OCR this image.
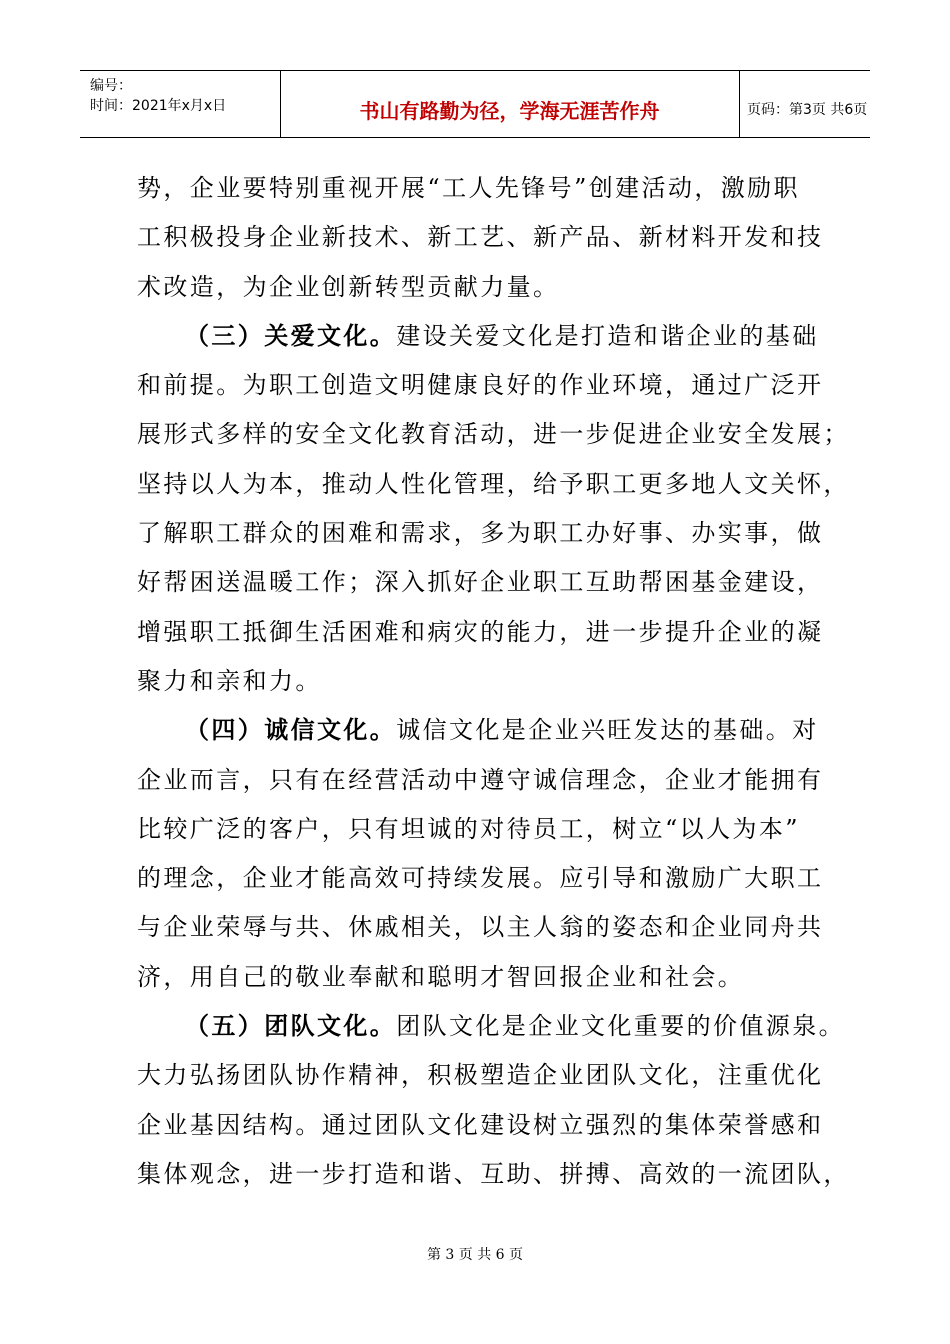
编号：
时间：2021年x月x日	书山有路勤为径，学海无涯苦作舟	页码：第3页 共6页
势，企业要特别重视开展“工人先锋号”创建活动，激励职
工积极投身企业新技术、新工艺、新产品、新材料开发和技
术改造，为企业创新转型贡献力量。
（三）关爱文化。建设关爱文化是打造和谐企业的基础
和前提。为职工创造文明健康良好的作业环境，通过广泛开
展形式多样的安全文化教育活动，进一步促进企业安全发展；
坚持以人为本，推动人性化管理，给予职工更多地人文关怀，
了解职工群众的困难和需求，多为职工办好事、办实事，做
好帮困送温暖工作；深入抓好企业职工互助帮困基金建设，
增强职工抵御生活困难和病灾的能力，进一步提升企业的凝
聚力和亲和力。
（四）诚信文化。诚信文化是企业兴旺发达的基础。对
企业而言，只有在经营活动中遵守诚信理念，企业才能拥有
比较广泛的客户，只有坦诚的对待员工，树立“以人为本”
的理念，企业才能高效可持续发展。应引导和激励广大职工
与企业荣辱与共、休戚相关，以主人翁的姿态和企业同舟共
济，用自己的敬业奉献和聪明才智回报企业和社会。
（五）团队文化。团队文化是企业文化重要的价值源泉。
大力弘扬团队协作精神，积极塑造企业团队文化，注重优化
企业基因结构。通过团队文化建设树立强烈的集体荣誉感和
集体观念，进一步打造和谐、互助、拼搏、高效的一流团队，
第 3 页 共 6 页
